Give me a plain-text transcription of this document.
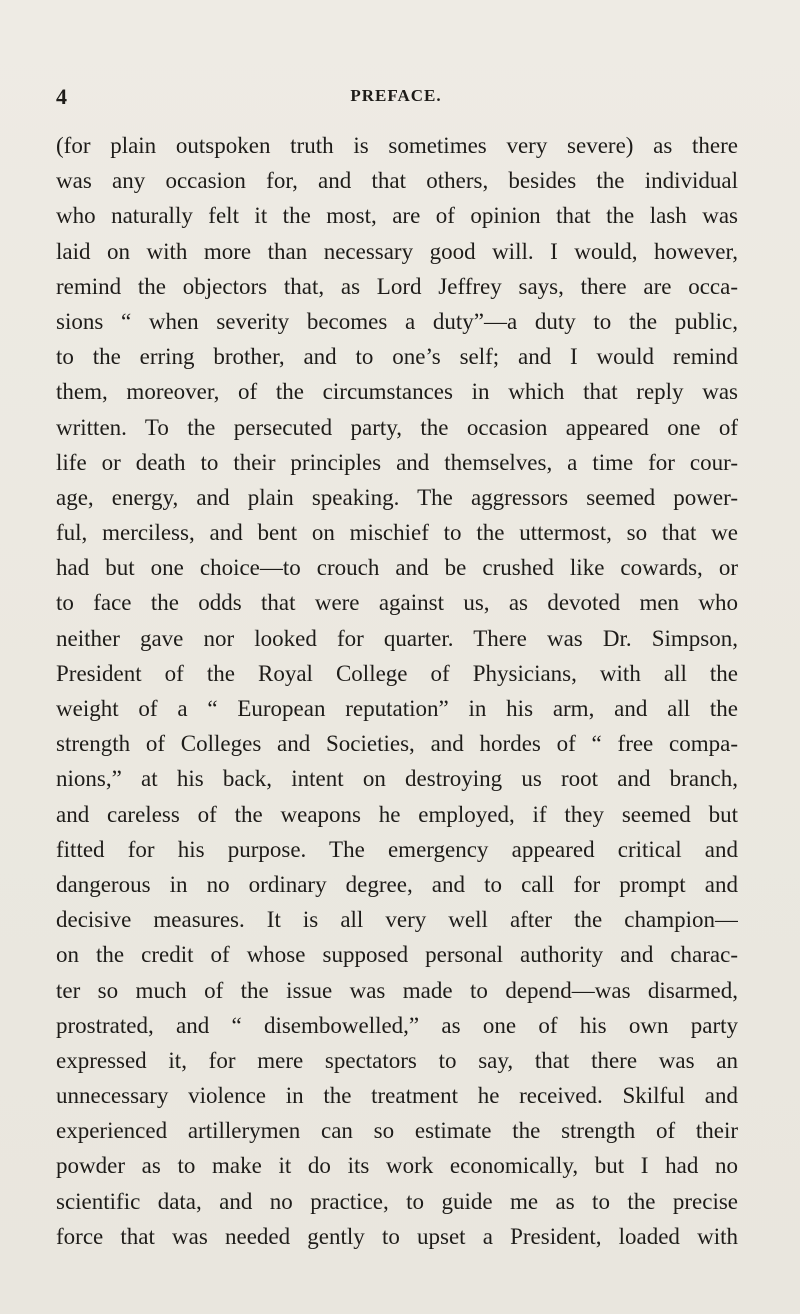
4	PREFACE.
(for plain outspoken truth is sometimes very severe) as there
was any occasion for, and that others, besides the individual
who naturally felt it the most, are of opinion that the lash was
laid on with more than necessary good will. I would, however,
remind the objectors that, as Lord Jeffrey says, there are occa-
sions “ when severity becomes a duty”—a duty to the public,
to the erring brother, and to one’s self; and I would remind
them, moreover, of the circumstances in which that reply was
written. To the persecuted party, the occasion appeared one of
life or death to their principles and themselves, a time for cour-
age, energy, and plain speaking. The aggressors seemed power-
ful, merciless, and bent on mischief to the uttermost, so that we
had but one choice—to crouch and be crushed like cowards, or
to face the odds that were against us, as devoted men who
neither gave nor looked for quarter. There was Dr. Simpson,
President of the Royal College of Physicians, with all the
weight of a “ European reputation” in his arm, and all the
strength of Colleges and Societies, and hordes of “ free compa-
nions,” at his back, intent on destroying us root and branch,
and careless of the weapons he employed, if they seemed but
fitted for his purpose. The emergency appeared critical and
dangerous in no ordinary degree, and to call for prompt and
decisive measures. It is all very well after the champion—
on the credit of whose supposed personal authority and charac-
ter so much of the issue was made to depend—was disarmed,
prostrated, and “ disembowelled,” as one of his own party
expressed it, for mere spectators to say, that there was an
unnecessary violence in the treatment he received. Skilful and
experienced artillerymen can so estimate the strength of their
powder as to make it do its work economically, but I had no
scientific data, and no practice, to guide me as to the precise
force that was needed gently to upset a President, loaded with
